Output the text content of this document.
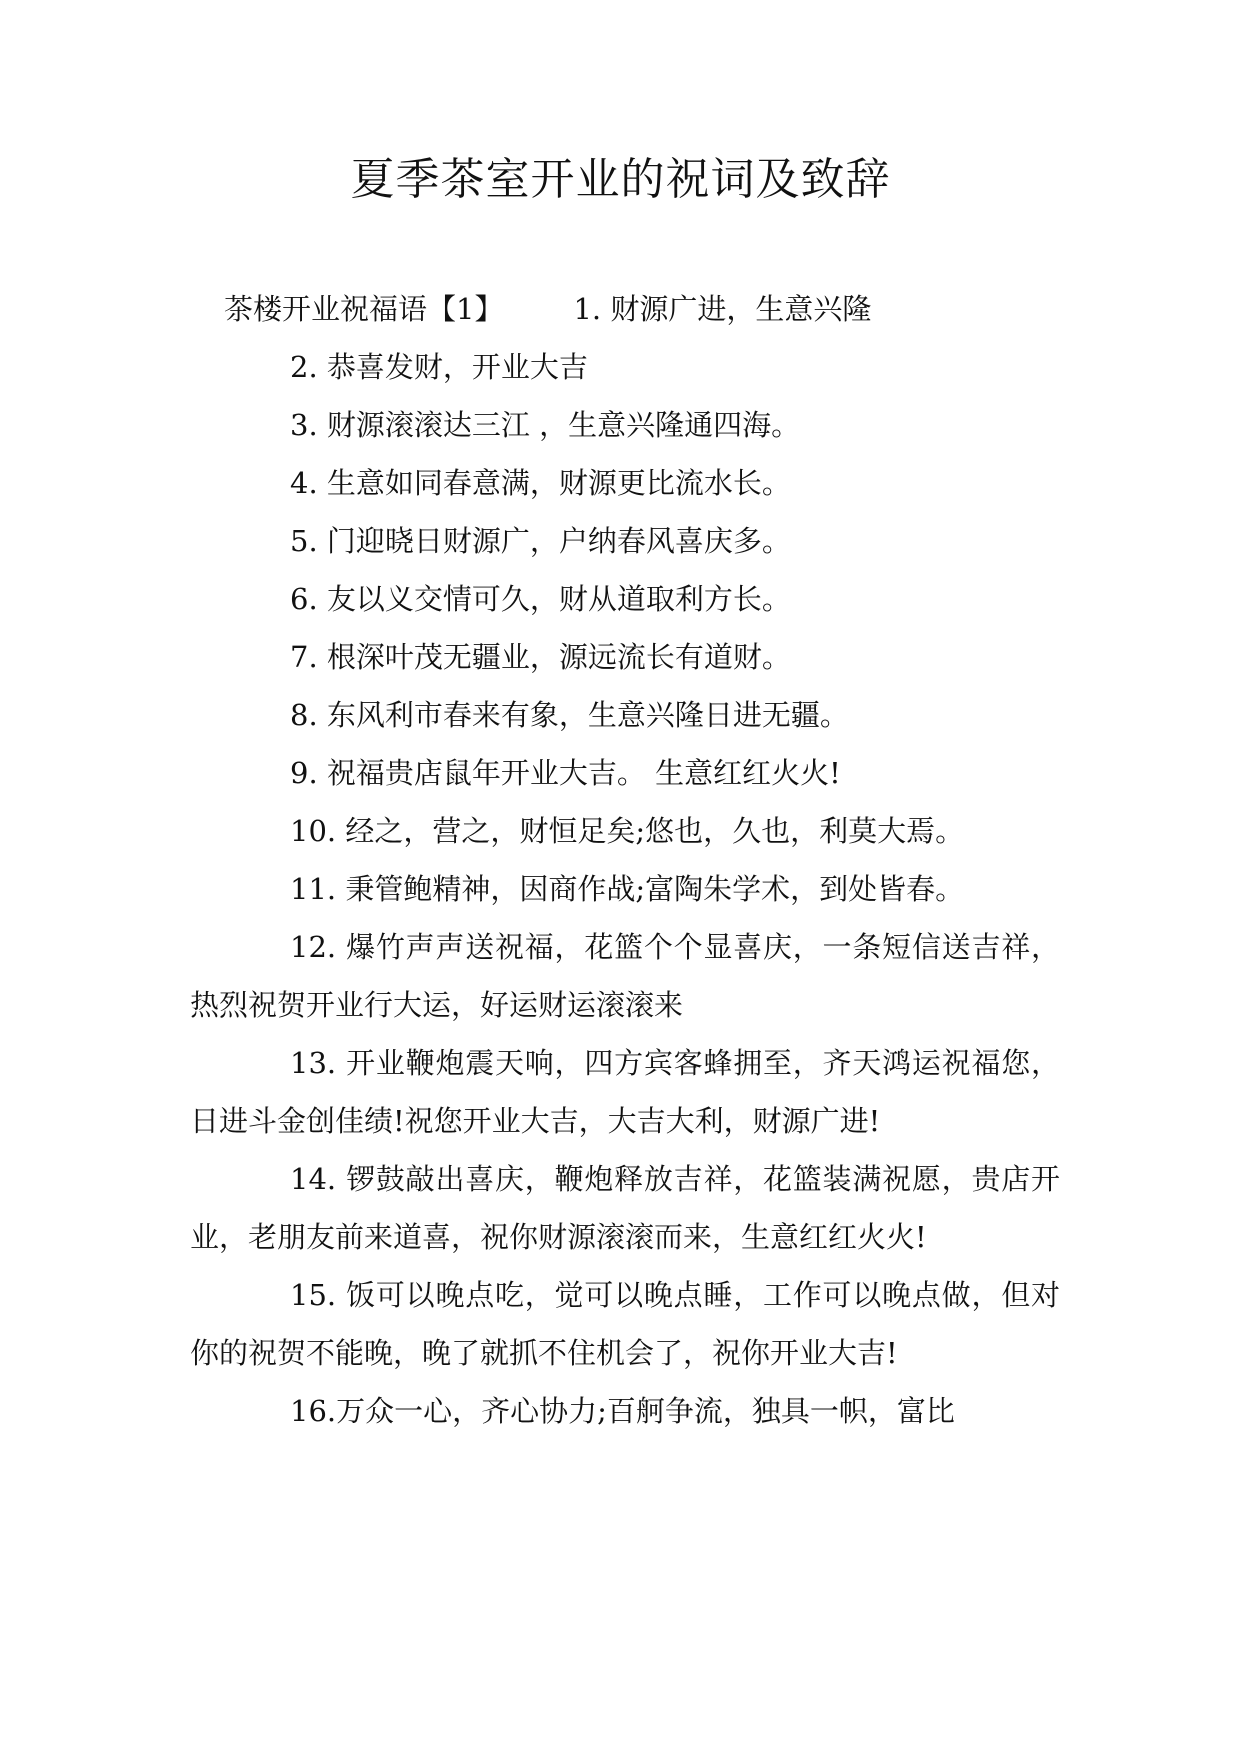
夏季茶室开业的祝词及致辞

茶楼开业祝福语【1】 1. 财源广进，生意兴隆

2. 恭喜发财，开业大吉

3. 财源滚滚达三江 ，生意兴隆通四海。

4. 生意如同春意满，财源更比流水长。

5. 门迎晓日财源广，户纳春风喜庆多。

6. 友以义交情可久，财从道取利方长。

7. 根深叶茂无疆业，源远流长有道财。

8. 东风利市春来有象，生意兴隆日进无疆。

9. 祝福贵店鼠年开业大吉。 生意红红火火!

10. 经之，营之，财恒足矣;悠也，久也，利莫大焉。

11. 秉管鲍精神，因商作战;富陶朱学术，到处皆春。

12. 爆竹声声送祝福，花篮个个显喜庆，一条短信送吉祥，热烈祝贺开业行大运，好运财运滚滚来

13. 开业鞭炮震天响，四方宾客蜂拥至，齐天鸿运祝福您，日进斗金创佳绩!祝您开业大吉，大吉大利，财源广进!

14. 锣鼓敲出喜庆，鞭炮释放吉祥，花篮装满祝愿，贵店开业，老朋友前来道喜，祝你财源滚滚而来，生意红红火火!

15. 饭可以晚点吃，觉可以晚点睡，工作可以晚点做，但对你的祝贺不能晚，晚了就抓不住机会了，祝你开业大吉!

16.万众一心，齐心协力;百舸争流，独具一帜，富比
